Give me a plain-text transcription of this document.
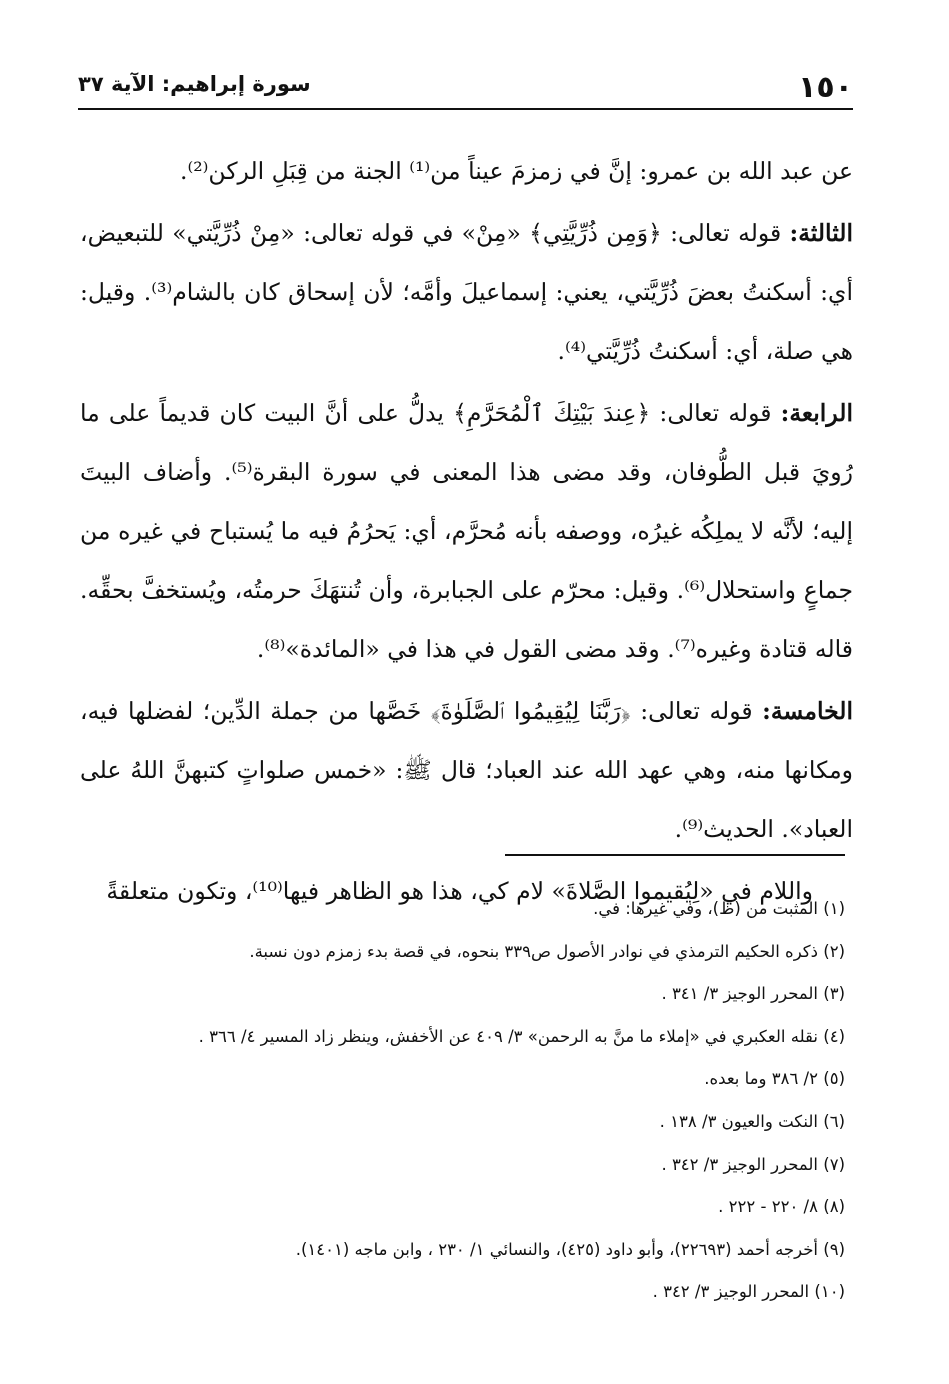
١٥٠
سورة إبراهيم: الآية ٣٧

عن عبد الله بن عمرو: إنَّ في زمزمَ عيناً من⁽¹⁾ الجنة من قِبَلِ الركن⁽²⁾.

الثالثة: قوله تعالى: ﴿وَمِن ذُرِّيَّتِي﴾ «مِنْ» في قوله تعالى: «مِنْ ذُرِّيَّتي» للتبعيض، أي: أسكنتُ بعضَ ذُرِّيَّتي، يعني: إسماعيلَ وأمَّه؛ لأن إسحاق كان بالشام⁽³⁾. وقيل: هي صلة، أي: أسكنتُ ذُرِّيَّتي⁽⁴⁾.

الرابعة: قوله تعالى: ﴿عِندَ بَيْتِكَ ٱلْمُحَرَّمِ﴾ يدلُّ على أنَّ البيت كان قديماً على ما رُويَ قبل الطُّوفان، وقد مضى هذا المعنى في سورة البقرة⁽⁵⁾. وأضاف البيتَ إليه؛ لأنَّه لا يملِكُه غيرُه، ووصفه بأنه مُحرَّم، أي: يَحرُمُ فيه ما يُستباح في غيره من جماعٍ واستحلال⁽⁶⁾. وقيل: محرّم على الجبابرة، وأن تُنتهَكَ حرمتُه، ويُستخفَّ بحقِّه. قاله قتادة وغيره⁽⁷⁾. وقد مضى القول في هذا في «المائدة»⁽⁸⁾.

الخامسة: قوله تعالى: ﴿رَبَّنَا لِيُقِيمُوا ٱلصَّلَوٰةَ﴾ خَصَّها من جملة الدِّين؛ لفضلها فيه، ومكانها منه، وهي عهد الله عند العباد؛ قال ﷺ: «خمس صلواتٍ كتبهنَّ اللهُ على العباد». الحديث⁽⁹⁾.

واللام في «لِيُقيموا الصَّلاةَ» لام كي، هذا هو الظاهر فيها⁽¹⁰⁾، وتكون متعلقةً

(١) المثبت من (ظ)، وفي غيرها: في.
(٢) ذكره الحكيم الترمذي في نوادر الأصول ص٣٣٩ بنحوه، في قصة بدء زمزم دون نسبة.
(٣) المحرر الوجيز ٣/ ٣٤١ .
(٤) نقله العكبري في «إملاء ما منَّ به الرحمن» ٣/ ٤٠٩ عن الأخفش، وينظر زاد المسير ٤/ ٣٦٦ .
(٥) ٢/ ٣٨٦ وما بعده.
(٦) النكت والعيون ٣/ ١٣٨ .
(٧) المحرر الوجيز ٣/ ٣٤٢ .
(٨) ٨/ ٢٢٠ - ٢٢٢ .
(٩) أخرجه أحمد (٢٢٦٩٣)، وأبو داود (٤٢٥)، والنسائي ١/ ٢٣٠ ، وابن ماجه (١٤٠١).
(١٠) المحرر الوجيز ٣/ ٣٤٢ .
